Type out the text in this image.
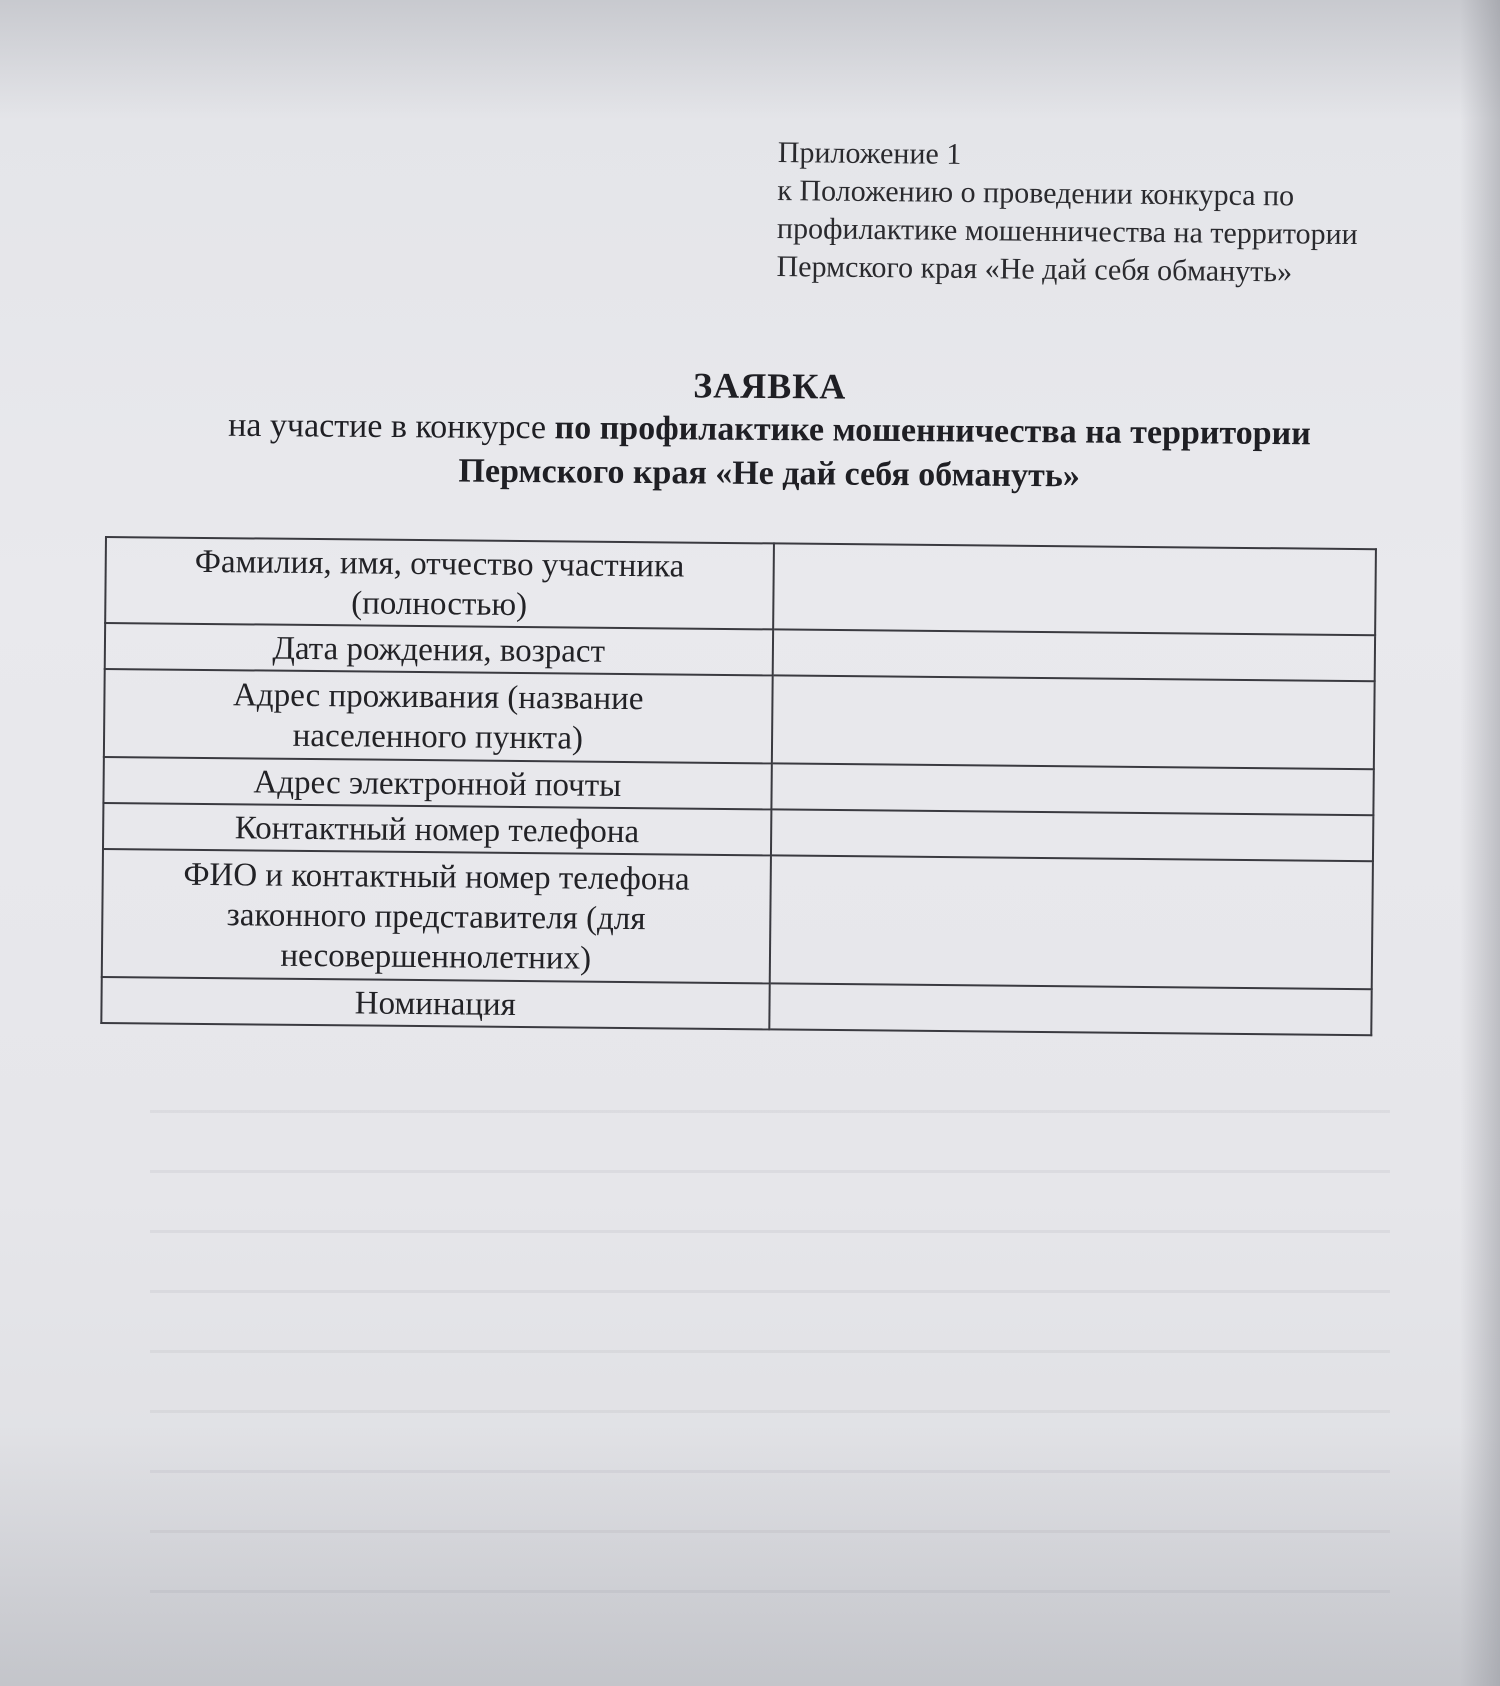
Приложение 1
к Положению о проведении конкурса по
профилактике мошенничества на территории
Пермского края «Не дай себя обмануть»
ЗАЯВКА
на участие в конкурсе по профилактике мошенничества на территории
Пермского края «Не дай себя обмануть»
Фамилия, имя, отчество участника
(полностью)	

Дата рождения, возраст	

Адрес проживания (название
населенного пункта)	

Адрес электронной почты	

Контактный номер телефона	

ФИО и контактный номер телефона
законного представителя (для
несовершеннолетних)	

Номинация	
